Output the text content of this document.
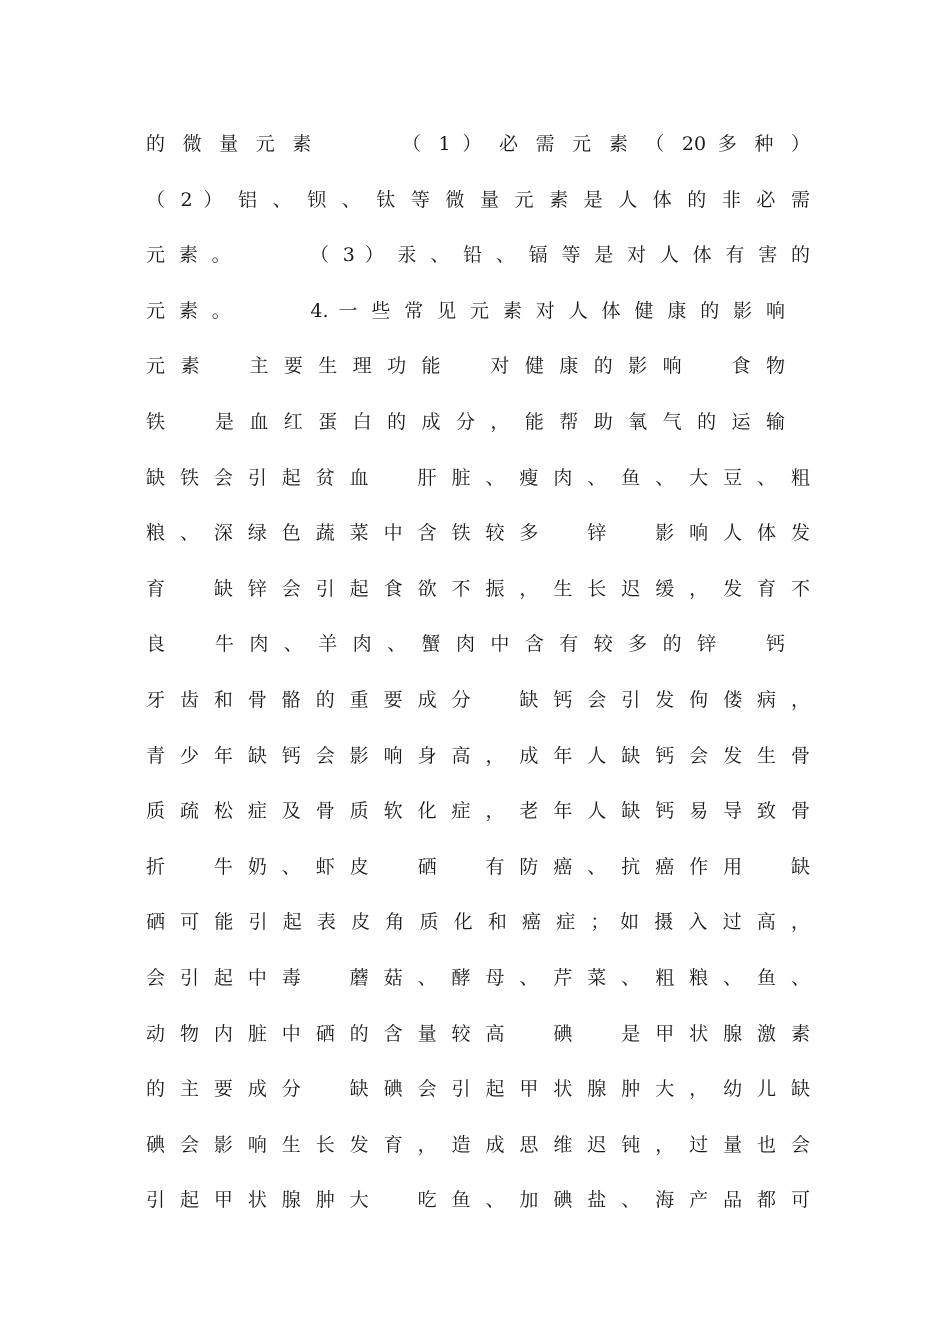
的 微 量 元 素 　 　 （ 1 ） 必 需 元 素 （ 20 多 种 ）
（ 2 ） 铝 、 钡 、 钛 等 微 量 元 素 是 人 体 的 非 必 需
元 素 。 　 　 （ 3 ） 汞 、 铅 、 镉 等 是 对 人 体 有 害 的
元 素 。 　 　 4. 一 些 常 见 元 素 对 人 体 健 康 的 影 响 　
元 素 　 主 要 生 理 功 能 　 对 健 康 的 影 响 　 食 物 　
铁 　 是 血 红 蛋 白 的 成 分 ， 能 帮 助 氧 气 的 运 输 　
缺 铁 会 引 起 贫 血 　 肝 脏 、 瘦 肉 、 鱼 、 大 豆 、 粗
粮 、 深 绿 色 蔬 菜 中 含 铁 较 多 　 锌 　 影 响 人 体 发
育 　 缺 锌 会 引 起 食 欲 不 振 ， 生 长 迟 缓 ， 发 育 不
良 　 牛 肉 、 羊 肉 、 蟹 肉 中 含 有 较 多 的 锌 　 钙 　
牙 齿 和 骨 骼 的 重 要 成 分 　 缺 钙 会 引 发 佝 偻 病 ，
青 少 年 缺 钙 会 影 响 身 高 ， 成 年 人 缺 钙 会 发 生 骨
质 疏 松 症 及 骨 质 软 化 症 ， 老 年 人 缺 钙 易 导 致 骨
折 　 牛 奶 、 虾 皮 　 硒 　 有 防 癌 、 抗 癌 作 用 　 缺
硒 可 能 引 起 表 皮 角 质 化 和 癌 症 ； 如 摄 入 过 高 ，
会 引 起 中 毒 　 蘑 菇 、 酵 母 、 芹 菜 、 粗 粮 、 鱼 、
动 物 内 脏 中 硒 的 含 量 较 高 　 碘 　 是 甲 状 腺 激 素
的 主 要 成 分 　 缺 碘 会 引 起 甲 状 腺 肿 大 ， 幼 儿 缺
碘 会 影 响 生 长 发 育 ， 造 成 思 维 迟 钝 ， 过 量 也 会
引 起 甲 状 腺 肿 大 　 吃 鱼 、 加 碘 盐 、 海 产 品 都 可
